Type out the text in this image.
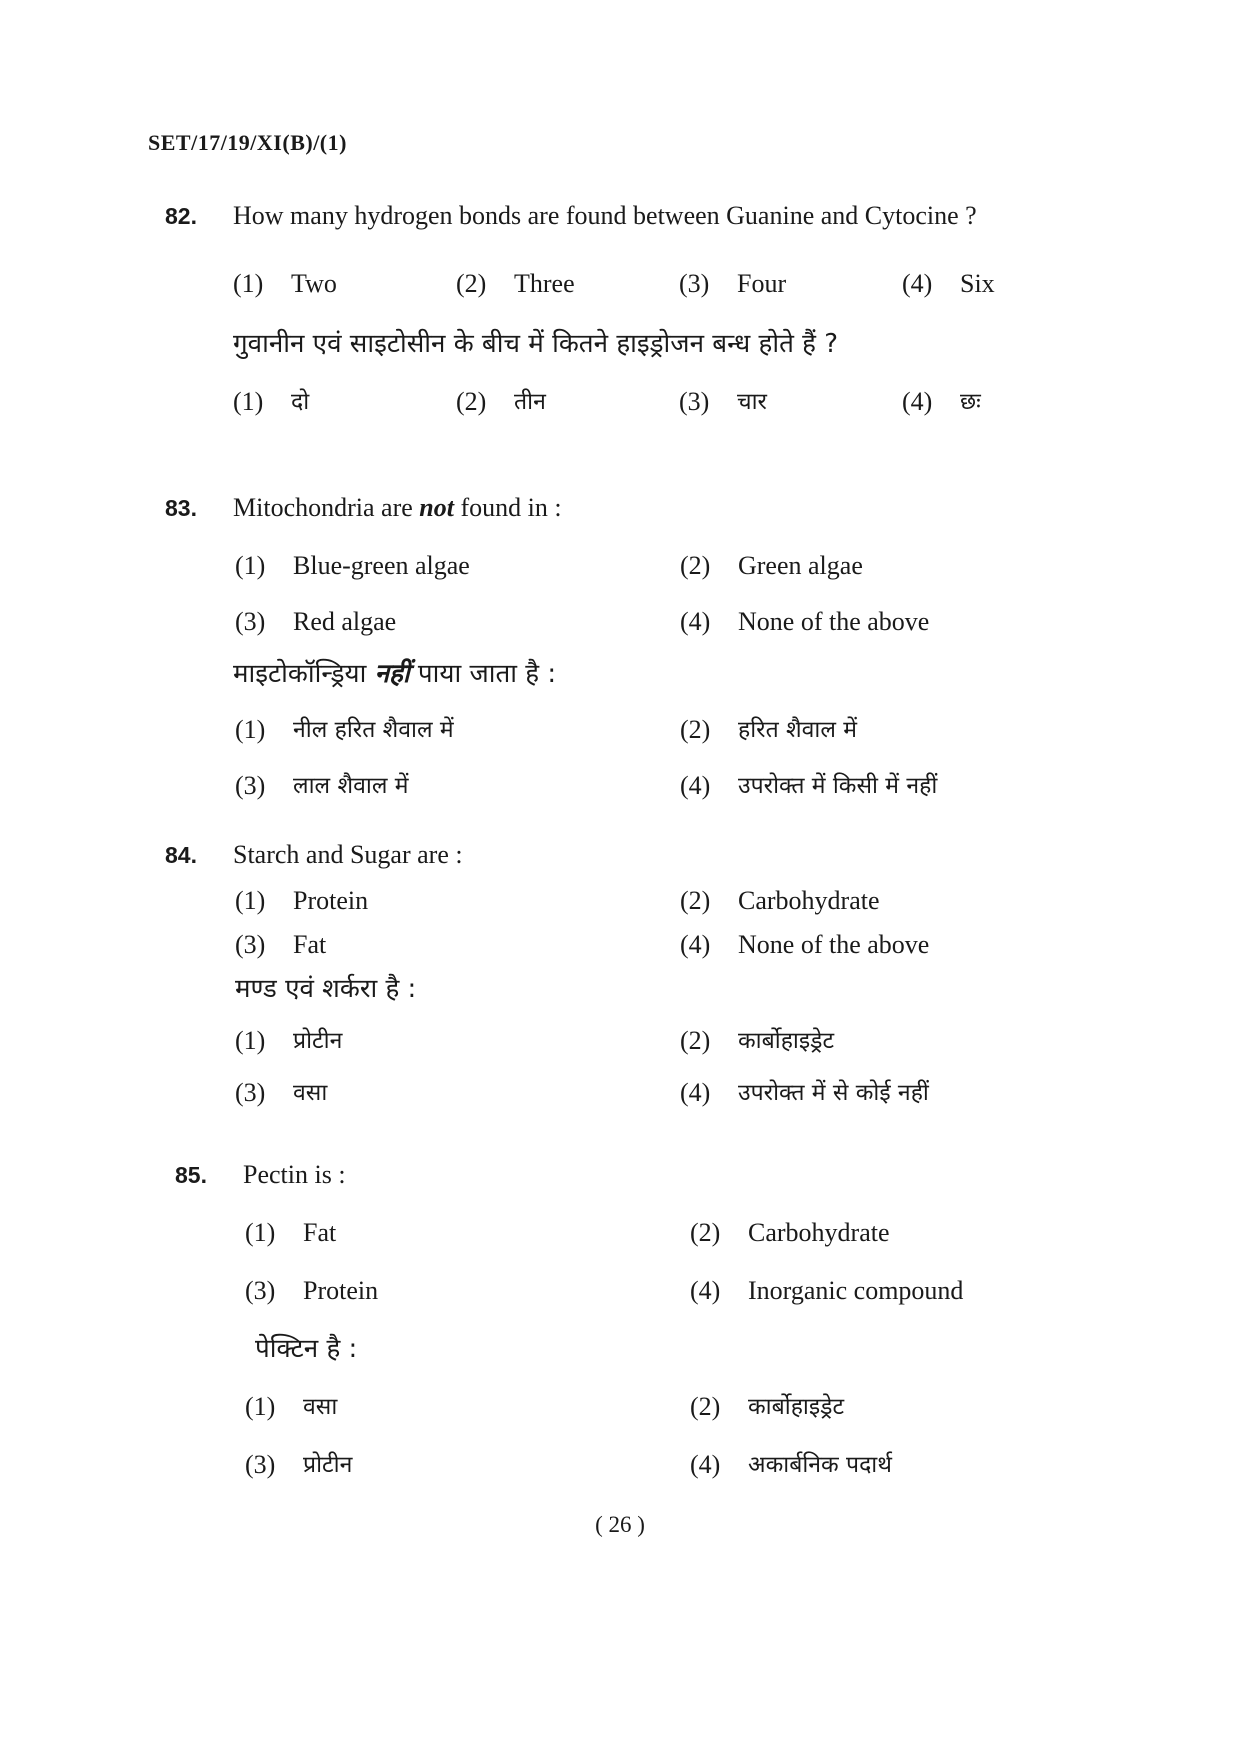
SET/17/19/XI(B)/(1)
82.	How many hydrogen bonds are found between Guanine and Cytocine ?
(1)	Two	(2)	Three	(3)	Four	(4)	Six
गुवानीन एवं साइटोसीन के बीच में कितने हाइड्रोजन बन्ध होते हैं ?
(1)	दो	(2)	तीन	(3)	चार	(4)	छः
83.	Mitochondria are not found in :
(1)	Blue-green algae	(2)	Green algae
(3)	Red algae	(4)	None of the above
माइटोकॉन्ड्रिया नहीं पाया जाता है :
(1)	नील हरित शैवाल में	(2)	हरित शैवाल में
(3)	लाल शैवाल में	(4)	उपरोक्त में किसी में नहीं
84.	Starch and Sugar are :
(1)	Protein	(2)	Carbohydrate
(3)	Fat	(4)	None of the above
मण्ड एवं शर्करा है :
(1)	प्रोटीन	(2)	कार्बोहाइड्रेट
(3)	वसा	(4)	उपरोक्त में से कोई नहीं
85.	Pectin is :
(1)	Fat	(2)	Carbohydrate
(3)	Protein	(4)	Inorganic compound
पेक्टिन है :
(1)	वसा	(2)	कार्बोहाइड्रेट
(3)	प्रोटीन	(4)	अकार्बनिक पदार्थ
( 26 )
